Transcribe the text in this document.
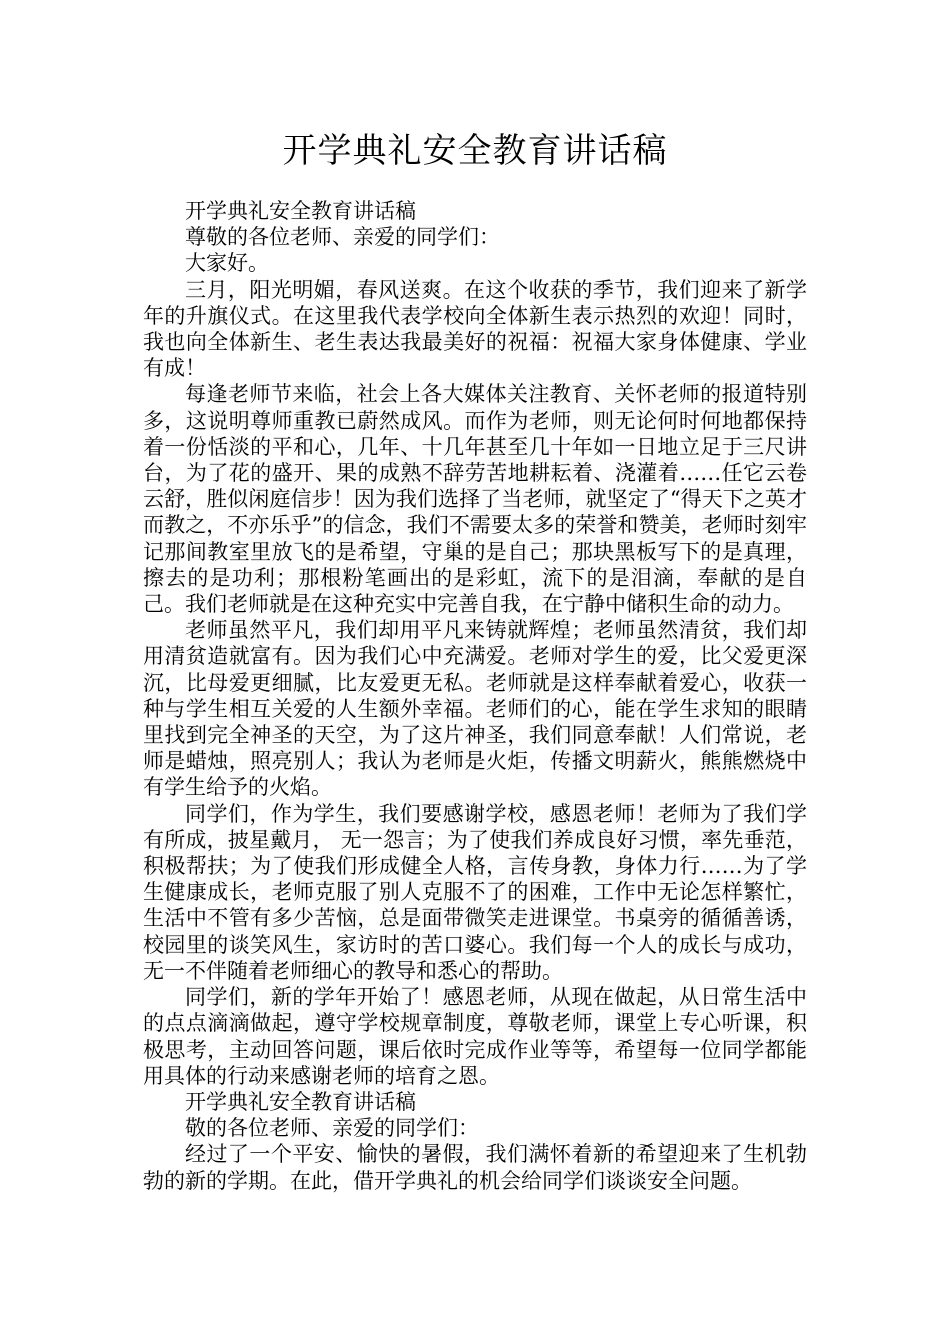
开学典礼安全教育讲话稿

开学典礼安全教育讲话稿

尊敬的各位老师、亲爱的同学们：

大家好。

三月，阳光明媚，春风送爽。在这个收获的季节，我们迎来了新学年的升旗仪式。在这里我代表学校向全体新生表示热烈的欢迎！同时，我也向全体新生、老生表达我最美好的祝福：祝福大家身体健康、学业有成！

每逢老师节来临，社会上各大媒体关注教育、关怀老师的报道特别多，这说明尊师重教已蔚然成风。而作为老师，则无论何时何地都保持着一份恬淡的平和心，几年、十几年甚至几十年如一日地立足于三尺讲台，为了花的盛开、果的成熟不辞劳苦地耕耘着、浇灌着……任它云卷云舒，胜似闲庭信步！因为我们选择了当老师，就坚定了“得天下之英才而教之，不亦乐乎”的信念，我们不需要太多的荣誉和赞美，老师时刻牢记那间教室里放飞的是希望，守巢的是自己；那块黑板写下的是真理，擦去的是功利；那根粉笔画出的是彩虹，流下的是泪滴，奉献的是自己。我们老师就是在这种充实中完善自我，在宁静中储积生命的动力。

老师虽然平凡，我们却用平凡来铸就辉煌；老师虽然清贫，我们却用清贫造就富有。因为我们心中充满爱。老师对学生的爱，比父爱更深沉，比母爱更细腻，比友爱更无私。老师就是这样奉献着爱心，收获一种与学生相互关爱的人生额外幸福。老师们的心，能在学生求知的眼睛里找到完全神圣的天空，为了这片神圣，我们同意奉献！人们常说，老师是蜡烛，照亮别人；我认为老师是火炬，传播文明薪火，熊熊燃烧中有学生给予的火焰。

同学们，作为学生，我们要感谢学校，感恩老师！老师为了我们学有所成，披星戴月， 无一怨言；为了使我们养成良好习惯，率先垂范，积极帮扶；为了使我们形成健全人格，言传身教，身体力行……为了学生健康成长，老师克服了别人克服不了的困难，工作中无论怎样繁忙，生活中不管有多少苦恼，总是面带微笑走进课堂。书桌旁的循循善诱，校园里的谈笑风生，家访时的苦口婆心。我们每一个人的成长与成功，无一不伴随着老师细心的教导和悉心的帮助。

同学们，新的学年开始了！感恩老师，从现在做起，从日常生活中的点点滴滴做起，遵守学校规章制度，尊敬老师，课堂上专心听课，积极思考，主动回答问题，课后依时完成作业等等，希望每一位同学都能用具体的行动来感谢老师的培育之恩。

开学典礼安全教育讲话稿

敬的各位老师、亲爱的同学们：

经过了一个平安、愉快的暑假，我们满怀着新的希望迎来了生机勃勃的新的学期。在此，借开学典礼的机会给同学们谈谈安全问题。
